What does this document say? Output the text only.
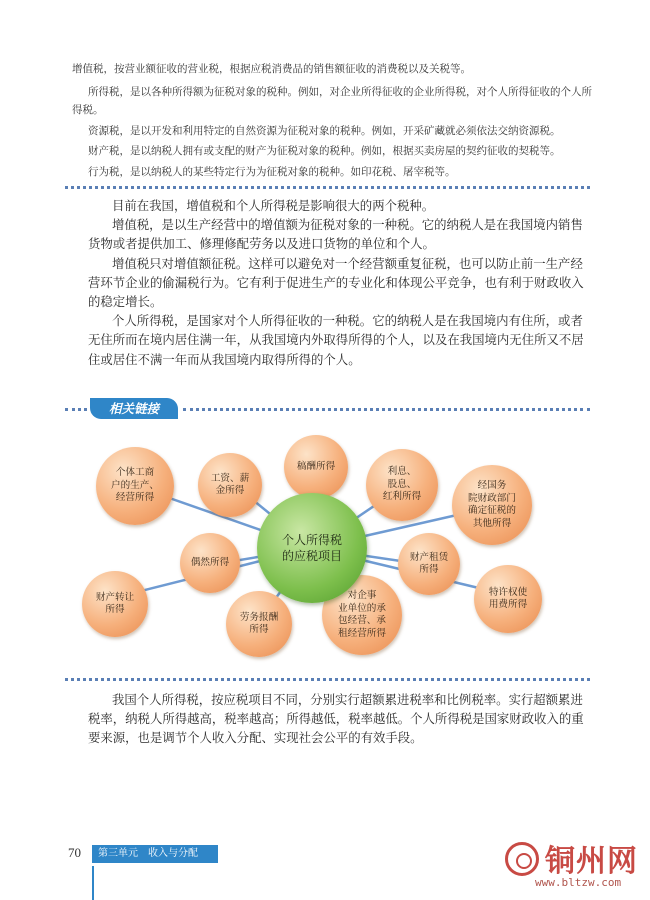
增值税，按营业额征收的营业税，根据应税消费品的销售额征收的消费税以及关税等。

所得税，是以各种所得额为征税对象的税种。例如，对企业所得征收的企业所得税，对个人所得征收的个人所得税。

资源税，是以开发和利用特定的自然资源为征税对象的税种。例如，开采矿藏就必须依法交纳资源税。

财产税，是以纳税人拥有或支配的财产为征税对象的税种。例如，根据买卖房屋的契约征收的契税等。

行为税，是以纳税人的某些特定行为为征税对象的税种。如印花税、屠宰税等。

目前在我国，增值税和个人所得税是影响很大的两个税种。

增值税，是以生产经营中的增值额为征税对象的一种税。它的纳税人是在我国境内销售货物或者提供加工、修理修配劳务以及进口货物的单位和个人。

增值税只对增值额征税。这样可以避免对一个经营额重复征税，也可以防止前一生产经营环节企业的偷漏税行为。它有利于促进生产的专业化和体现公平竞争，也有利于财政收入的稳定增长。

个人所得税，是国家对个人所得征收的一种税。它的纳税人是在我国境内有住所，或者无住所而在境内居住满一年，从我国境内外取得所得的个人，以及在我国境内无住所又不居住或居住不满一年而从我国境内取得所得的个人。

相关链接
个体工商
户的生产、
经营所得
工资、薪
金所得
稿酬所得	利息、
股息、
红利所得
经国务
院财政部门
确定征税的
其他所得
偶然所得	财产租赁
所得
财产转让
所得
劳务报酬
所得
对企事
业单位的承
包经营、承
租经营所得
特许权使
用费所得
个人所得税
的应税项目

我国个人所得税，按应税项目不同，分别实行超额累进税率和比例税率。实行超额累进税率，纳税人所得越高，税率越高；所得越低，税率越低。个人所得税是国家财政收入的重要来源，也是调节个人收入分配、实现社会公平的有效手段。

70	第三单元　收入与分配	铜州网
www.bltzw.com
